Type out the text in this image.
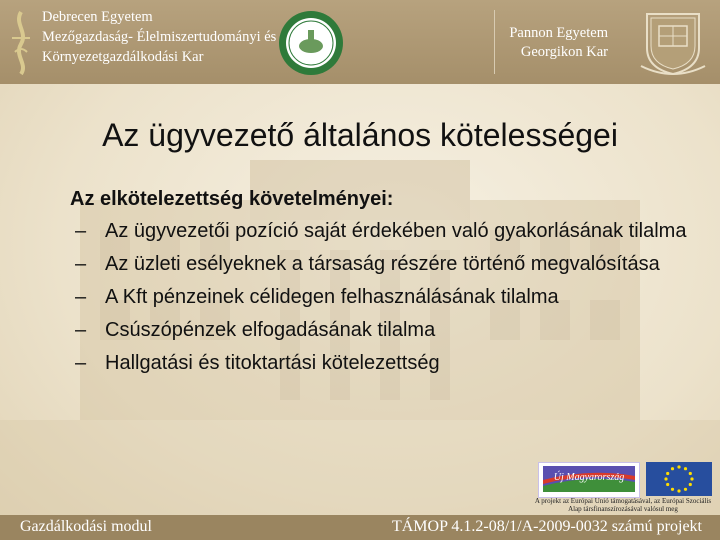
Debrecen Egyetem
Mezőgazdaság- Élelmiszertudományi és
Környezetgazdálkodási Kar
Pannon Egyetem
Georgikon Kar
Az ügyvezető általános kötelességei
Az elkötelezettség követelményei:
– Az ügyvezetői pozíció saját érdekében való gyakorlásának tilalma
– Az üzleti esélyeknek a társaság részére történő megvalósítása
– A Kft pénzeinek célidegen felhasználásának tilalma
– Csúszópénzek elfogadásának tilalma
– Hallgatási és titoktartási kötelezettség
Új Magyarország
A projekt az Európai Unió támogatásával, az Európai Szociális Alap társfinanszírozásával valósul meg
Gazdálkodási modul	TÁMOP 4.1.2-08/1/A-2009-0032 számú projekt
